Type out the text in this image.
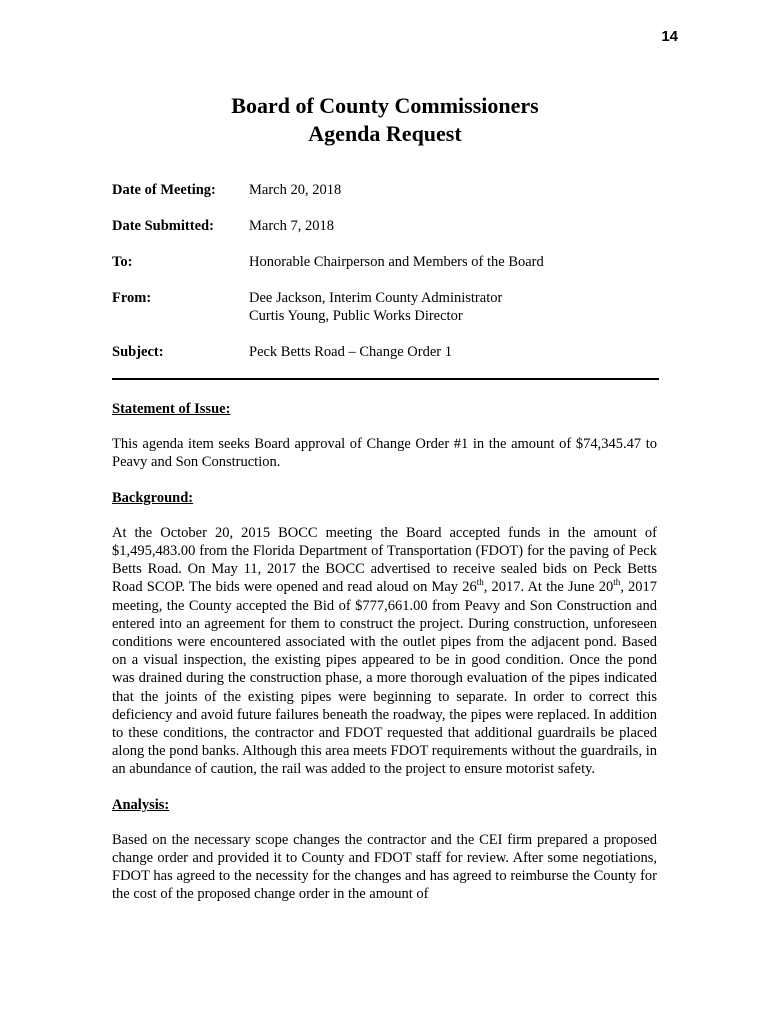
14
Board of County Commissioners
Agenda Request
Date of Meeting: March 20, 2018
Date Submitted: March 7, 2018
To:	Honorable Chairperson and Members of the Board
From:	Dee Jackson, Interim County Administrator
Curtis Young, Public Works Director
Subject:	Peck Betts Road – Change Order 1

Statement of Issue:

This agenda item seeks Board approval of Change Order #1 in the amount of $74,345.47 to Peavy and Son Construction.

Background:

At the October 20, 2015 BOCC meeting the Board accepted funds in the amount of $1,495,483.00 from the Florida Department of Transportation (FDOT) for the paving of Peck Betts Road. On May 11, 2017 the BOCC advertised to receive sealed bids on Peck Betts Road SCOP. The bids were opened and read aloud on May 26th, 2017. At the June 20th, 2017 meeting, the County accepted the Bid of $777,661.00 from Peavy and Son Construction and entered into an agreement for them to construct the project. During construction, unforeseen conditions were encountered associated with the outlet pipes from the adjacent pond. Based on a visual inspection, the existing pipes appeared to be in good condition. Once the pond was drained during the construction phase, a more thorough evaluation of the pipes indicated that the joints of the existing pipes were beginning to separate. In order to correct this deficiency and avoid future failures beneath the roadway, the pipes were replaced. In addition to these conditions, the contractor and FDOT requested that additional guardrails be placed along the pond banks. Although this area meets FDOT requirements without the guardrails, in an abundance of caution, the rail was added to the project to ensure motorist safety.

Analysis:

Based on the necessary scope changes the contractor and the CEI firm prepared a proposed change order and provided it to County and FDOT staff for review. After some negotiations, FDOT has agreed to the necessity for the changes and has agreed to reimburse the County for the cost of the proposed change order in the amount of
